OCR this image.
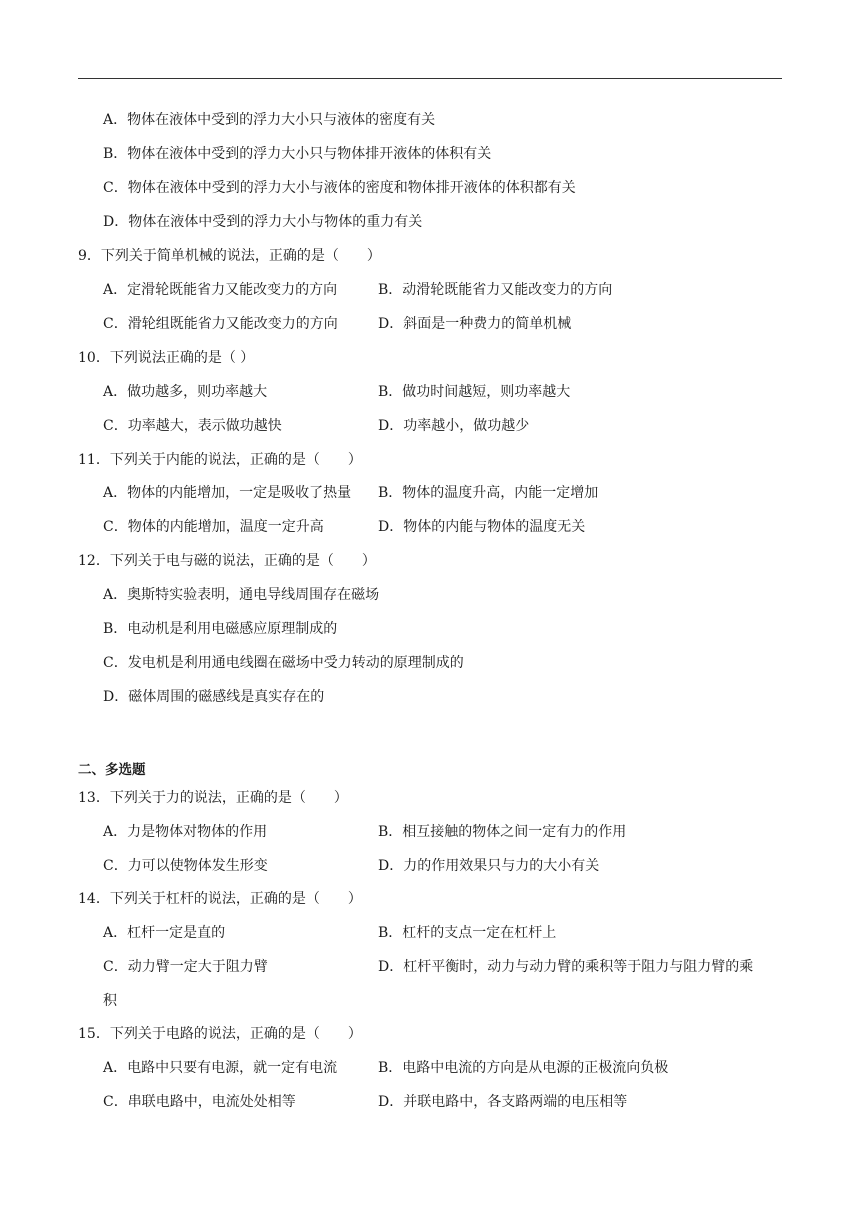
A．物体在液体中受到的浮力大小只与液体的密度有关
B．物体在液体中受到的浮力大小只与物体排开液体的体积有关
C．物体在液体中受到的浮力大小与液体的密度和物体排开液体的体积都有关
D．物体在液体中受到的浮力大小与物体的重力有关
9．下列关于简单机械的说法，正确的是（　　）
A．定滑轮既能省力又能改变力的方向	B．动滑轮既能省力又能改变力的方向
C．滑轮组既能省力又能改变力的方向	D．斜面是一种费力的简单机械
10．下列说法正确的是（ ）
A．做功越多，则功率越大	B．做功时间越短，则功率越大
C．功率越大，表示做功越快	D．功率越小，做功越少
11．下列关于内能的说法，正确的是（　　）
A．物体的内能增加，一定是吸收了热量 B．物体的温度升高，内能一定增加
C．物体的内能增加，温度一定升高	D．物体的内能与物体的温度无关
12．下列关于电与磁的说法，正确的是（　　）
A．奥斯特实验表明，通电导线周围存在磁场
B．电动机是利用电磁感应原理制成的
C．发电机是利用通电线圈在磁场中受力转动的原理制成的
D．磁体周围的磁感线是真实存在的
二、多选题
13．下列关于力的说法，正确的是（　　）
A．力是物体对物体的作用	B．相互接触的物体之间一定有力的作用
C．力可以使物体发生形变	D．力的作用效果只与力的大小有关
14．下列关于杠杆的说法，正确的是（　　）
A．杠杆一定是直的	B．杠杆的支点一定在杠杆上
C．动力臂一定大于阻力臂	D．杠杆平衡时，动力与动力臂的乘积等于阻力与阻力臂的乘
积
15．下列关于电路的说法，正确的是（　　）
A．电路中只要有电源，就一定有电流	B．电路中电流的方向是从电源的正极流向负极
C．串联电路中，电流处处相等	D．并联电路中，各支路两端的电压相等
